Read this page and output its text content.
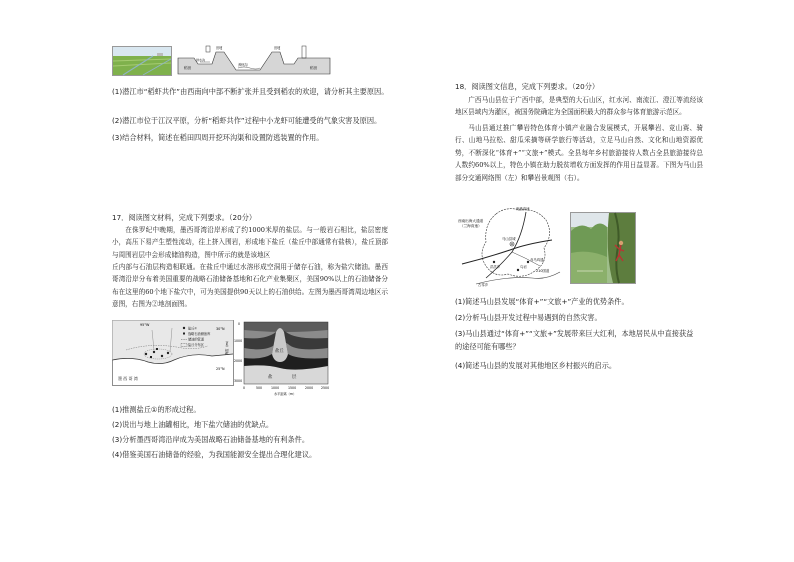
稻田
排水沟
田埂
养虾沟
田埂
稻田
(1)潜江市“稻虾共作”由西南向中部不断扩张并且受到稻农的欢迎，请分析其主要原因。
(2)潜江市位于江汉平原，分析“稻虾共作”过程中小龙虾可能遭受的气象灾害及原因。
(3)结合材料，简述在稻田四周开挖环沟渠和设置防逃装置的作用。
17．阅读图文材料，完成下列要求。（20分）
在侏罗纪中晚期，墨西哥湾沿岸形成了约1000米厚的盐层。与一般岩石相比，盐层密度小，高压下易产生塑性流动，往上挤入围岩，形成地下盐丘（盐丘中部通常有盐核），盐丘顶部与周围岩层中会形成储油构造，图中所示的就是该地区
丘内部与石油层构造相联通。在盐丘中通过水溶形成空洞用于储存石油，称为盐穴储油。墨西哥湾沿岸分布着美国重要的战略石油储备基地和石化产业集聚区，美国90%以上的石油储备分布在这里的60个地下盐穴中，可为美国提供90天以上的石油供给。左图为墨西哥湾周边地区示意图，右图为②地剖面图。
墨 西 哥 湾
95°W
30°N
25°N
盐丘①
战略石油储备库
储油的管道
盐丘分布区
盐丘
盐	层
海拔（m）
0
1000
2000
3000
0	500	1000	1500	2000 2500
水平距离（m）
(1)推测盐丘①的形成过程。
(2)说出与地上油罐相比，地下盐穴储油的优缺点。
(3)分析墨西哥湾沿岸成为美国战略石油储备基地的有利条件。
(4)借鉴美国石油储备的经验，为我国能源安全提出合理化建议。
18．阅读图文信息，完成下列要求。（20分）
广西马山县位于广西中部，是典型的大石山区，红水河、南流江、澄江等流经该地区县域内为灌区，被国务院确定为全国面积最大的群众参与体育旅游示范区。
马山县通过推广攀岩特色体育小镇产业融合发展模式，开展攀岩、竞山赛、骑行、山地马拉松、甜瓜采摘等研学旅行等活动，立足马山自然、文化和山地资源优势，不断深化“体育+”“文旅+”模式。全县每年乡村旅游接待人数占全县旅游接待总人数约60%以上，特色小镇在助力脱贫增收方面发挥的作用日益显著。下图为马山县部分交通网络图（左）和攀岩景观图（右）。
西南出海大通道
（兰海高速）
贵港高速
马山县城
洪洪乡
乔马鸡通
210国道
乌岩
古零乡
(1)简述马山县发展“体育+”“文旅+”产业的优势条件。
(2)分析马山县开发过程中易遇到的自然灾害。
(3)马山县通过“体育+”“文旅+”发展带来巨大红利，本地居民从中直接获益的途径可能有哪些？
(4)简述马山县的发展对其他地区乡村振兴的启示。
